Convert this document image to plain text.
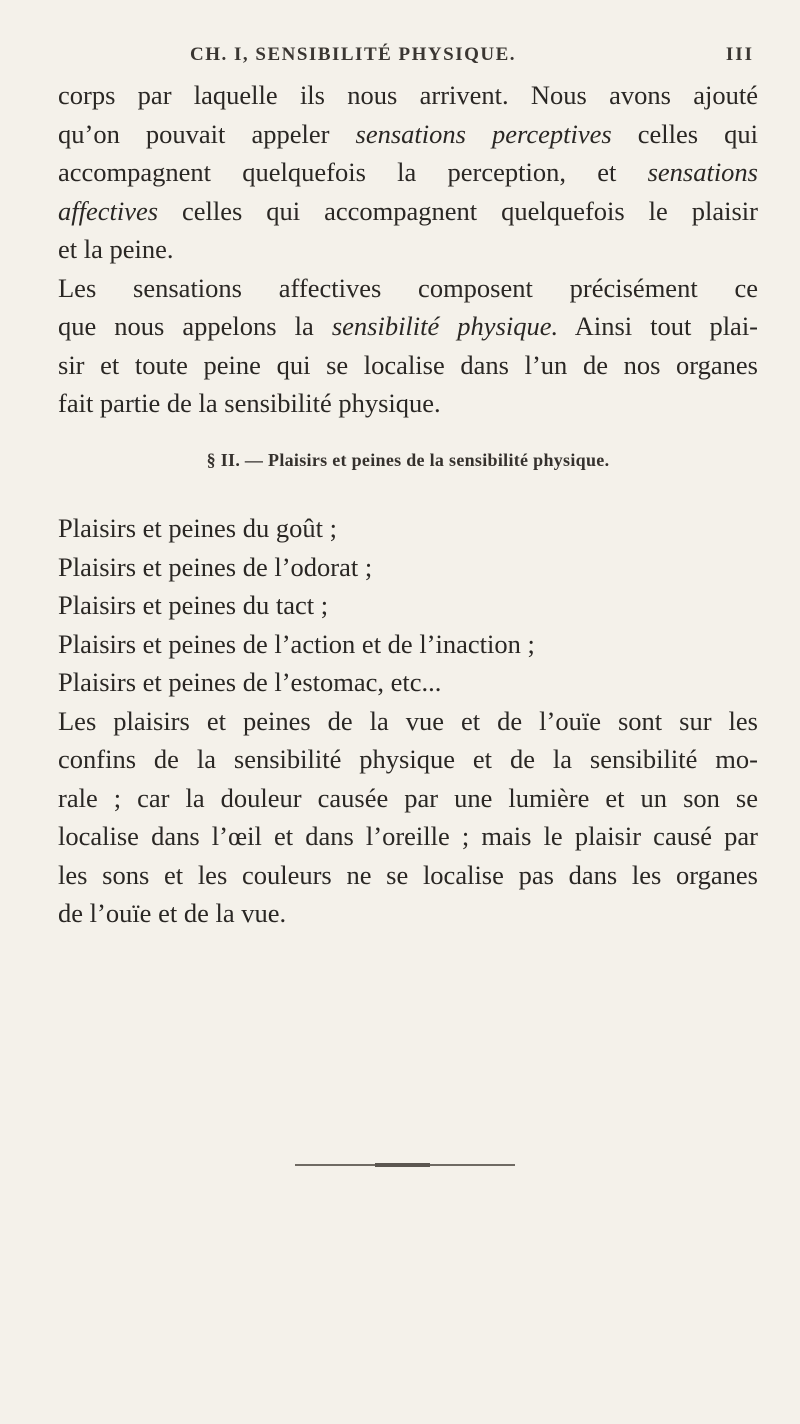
CH. I, SENSIBILITÉ PHYSIQUE.	III

corps par laquelle ils nous arrivent. Nous avons ajouté
qu’on pouvait appeler sensations perceptives celles qui
accompagnent quelquefois la perception, et sensations
affectives celles qui accompagnent quelquefois le plaisir
et la peine.

Les sensations affectives composent précisément ce
que nous appelons la sensibilité physique. Ainsi tout plai-
sir et toute peine qui se localise dans l’un de nos organes
fait partie de la sensibilité physique.

§ II. — Plaisirs et peines de la sensibilité physique.
Plaisirs et peines du goût ;
Plaisirs et peines de l’odorat ;
Plaisirs et peines du tact ;
Plaisirs et peines de l’action et de l’inaction ;
Plaisirs et peines de l’estomac, etc...

Les plaisirs et peines de la vue et de l’ouïe sont sur les
confins de la sensibilité physique et de la sensibilité mo-
rale ; car la douleur causée par une lumière et un son se
localise dans l’œil et dans l’oreille ; mais le plaisir causé par
les sons et les couleurs ne se localise pas dans les organes
de l’ouïe et de la vue.
